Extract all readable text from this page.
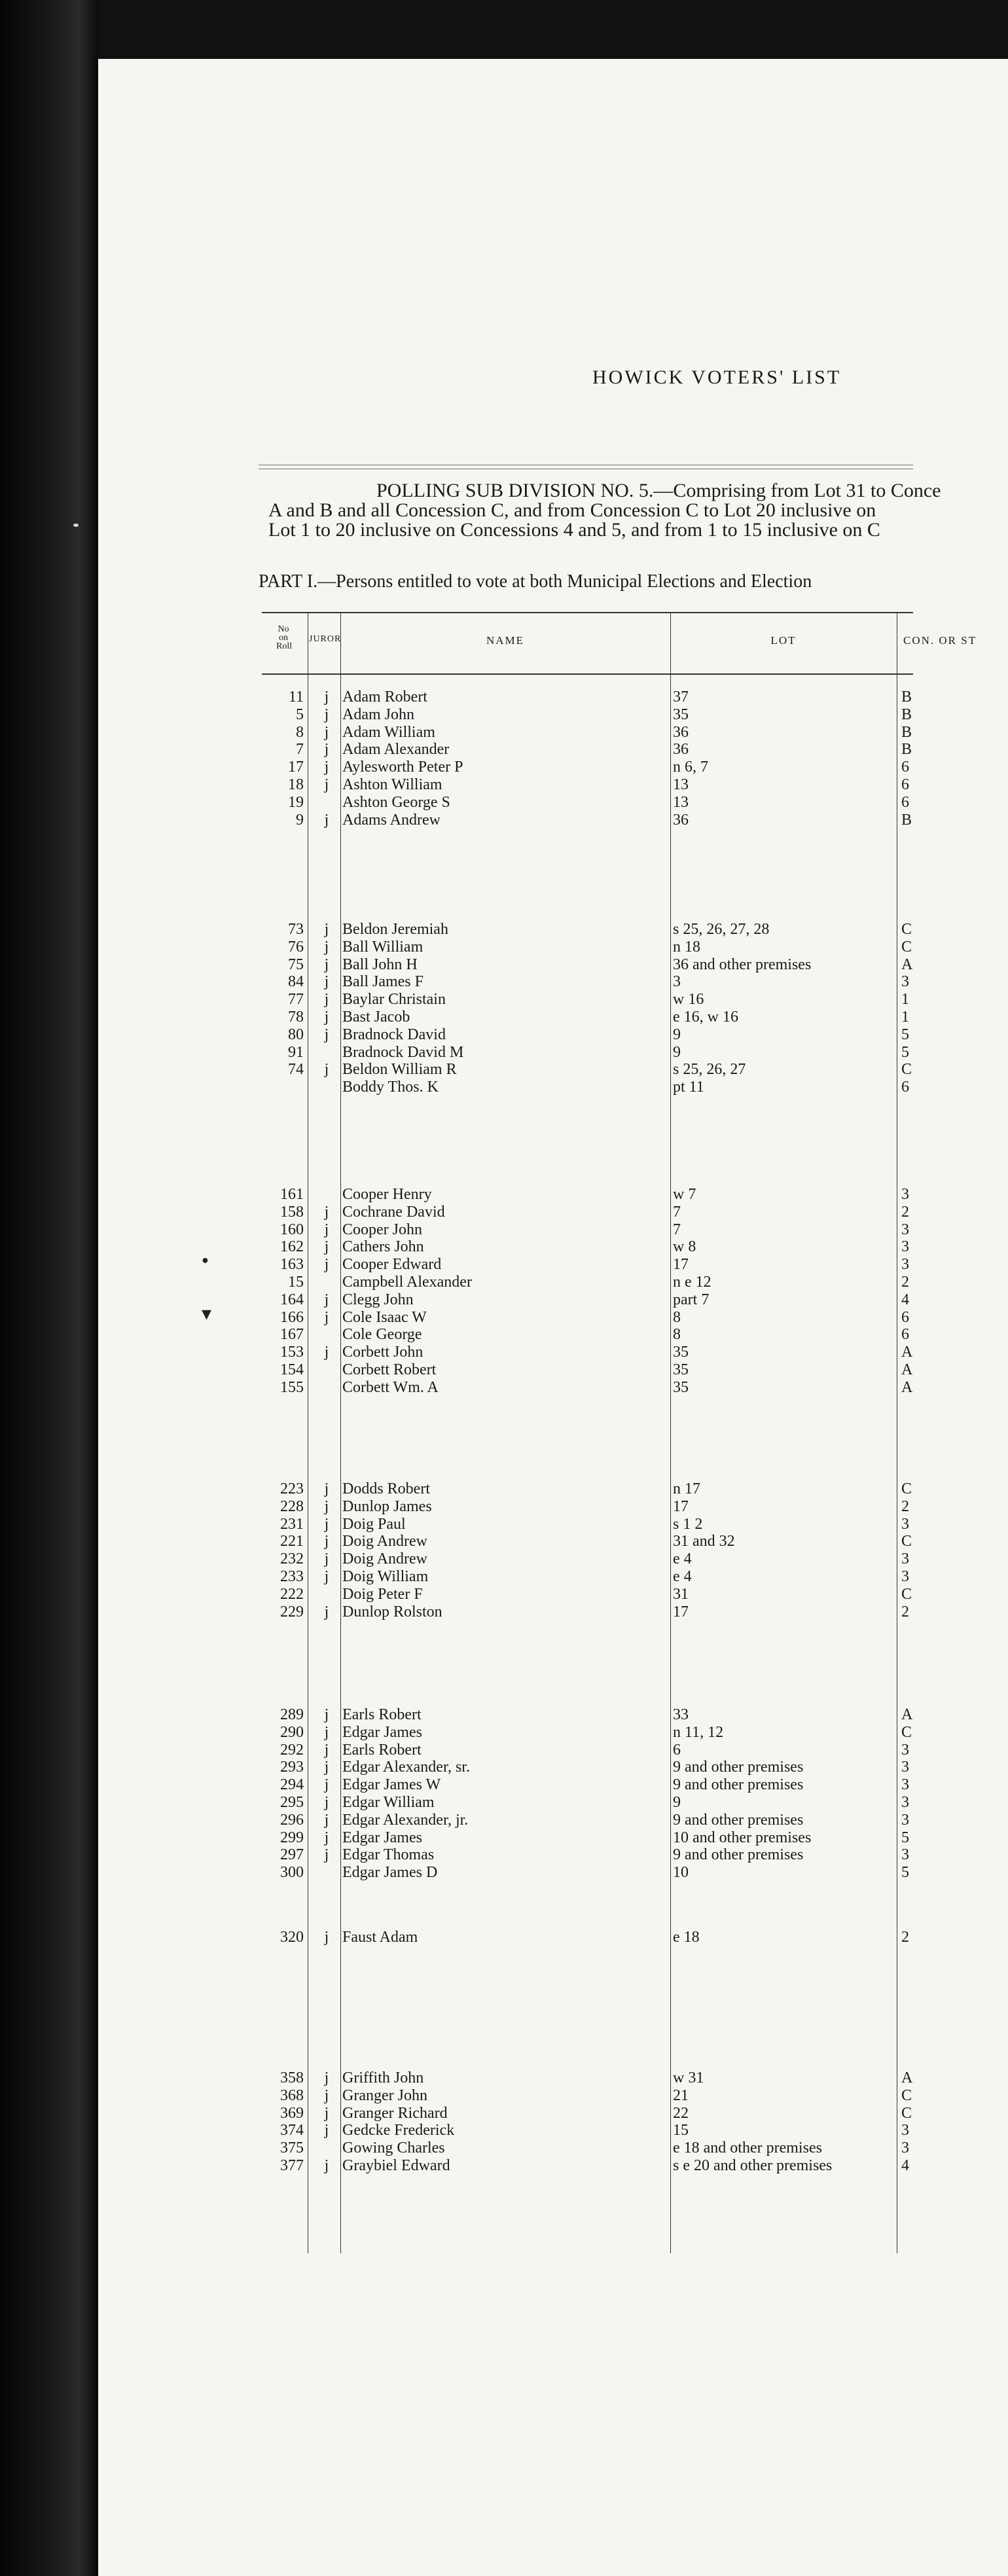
HOWICK VOTERS' LIST
POLLING SUB DIVISION NO. 5.—Comprising from Lot 31 to Conce
A and B and all Concession C, and from Concession C to Lot 20 inclusive on
Lot 1 to 20 inclusive on Concessions 4 and 5, and from 1 to 15 inclusive on C
PART I.—Persons entitled to vote at both Municipal Elections and Election
No on Roll
JUROR	NAME	LOT	CON. OR ST
11	j Adam Robert	37	B
5	j Adam John	35	B
8	j Adam William	36	B
7	j Adam Alexander	36	B
17	j Aylesworth Peter P	n 6, 7	6
18	j Ashton William	13	6
19 Ashton George S	13	6
9	j Adams Andrew	36	B
73	j Beldon Jeremiah	s 25, 26, 27, 28	C
76	j Ball William	n 18	C
75	j Ball John H	36 and other premises	A
84	j Ball James F	3	3
77	j Baylar Christain	w 16	1
78	j Bast Jacob	e 16, w 16	1
80	j Bradnock David	9	5
91 Bradnock David M	9	5
74	j Beldon William R	s 25, 26, 27	C
Boddy Thos. K	pt 11	6
161 Cooper Henry	w 7	3
158	j Cochrane David	7	2
160	j Cooper John	7	3
162	j Cathers John	w 8	3
163	j Cooper Edward	17	3
15 Campbell Alexander	n e 12	2
164	j Clegg John	part 7	4
166	j Cole Isaac W	8	6
167 Cole George	8	6
153	j Corbett John	35	A
154 Corbett Robert	35	A
155 Corbett Wm. A	35	A
223	j Dodds Robert	n 17	C
228	j Dunlop James	17	2
231	j Doig Paul	s 1 2	3
221	j Doig Andrew	31 and 32	C
232	j Doig Andrew	e 4	3
233	j Doig William	e 4	3
222 Doig Peter F	31	C
229	j Dunlop Rolston	17	2
289	j Earls Robert	33	A
290	j Edgar James	n 11, 12	C
292	j Earls Robert	6	3
293	j Edgar Alexander, sr.	9 and other premises	3
294	j Edgar James W	9 and other premises	3
295	j Edgar William	9	3
296	j Edgar Alexander, jr.	9 and other premises	3
299	j Edgar James	10 and other premises	5
297	j Edgar Thomas	9 and other premises	3
300 Edgar James D	10	5
320	j Faust Adam	e 18	2
358	j Griffith John	w 31	A
368	j Granger John	21	C
369	j Granger Richard	22	C
374	j Gedcke Frederick	15	3
375 Gowing Charles	e 18 and other premises	3
377	j Graybiel Edward	s e 20 and other premises	4
▾
●
